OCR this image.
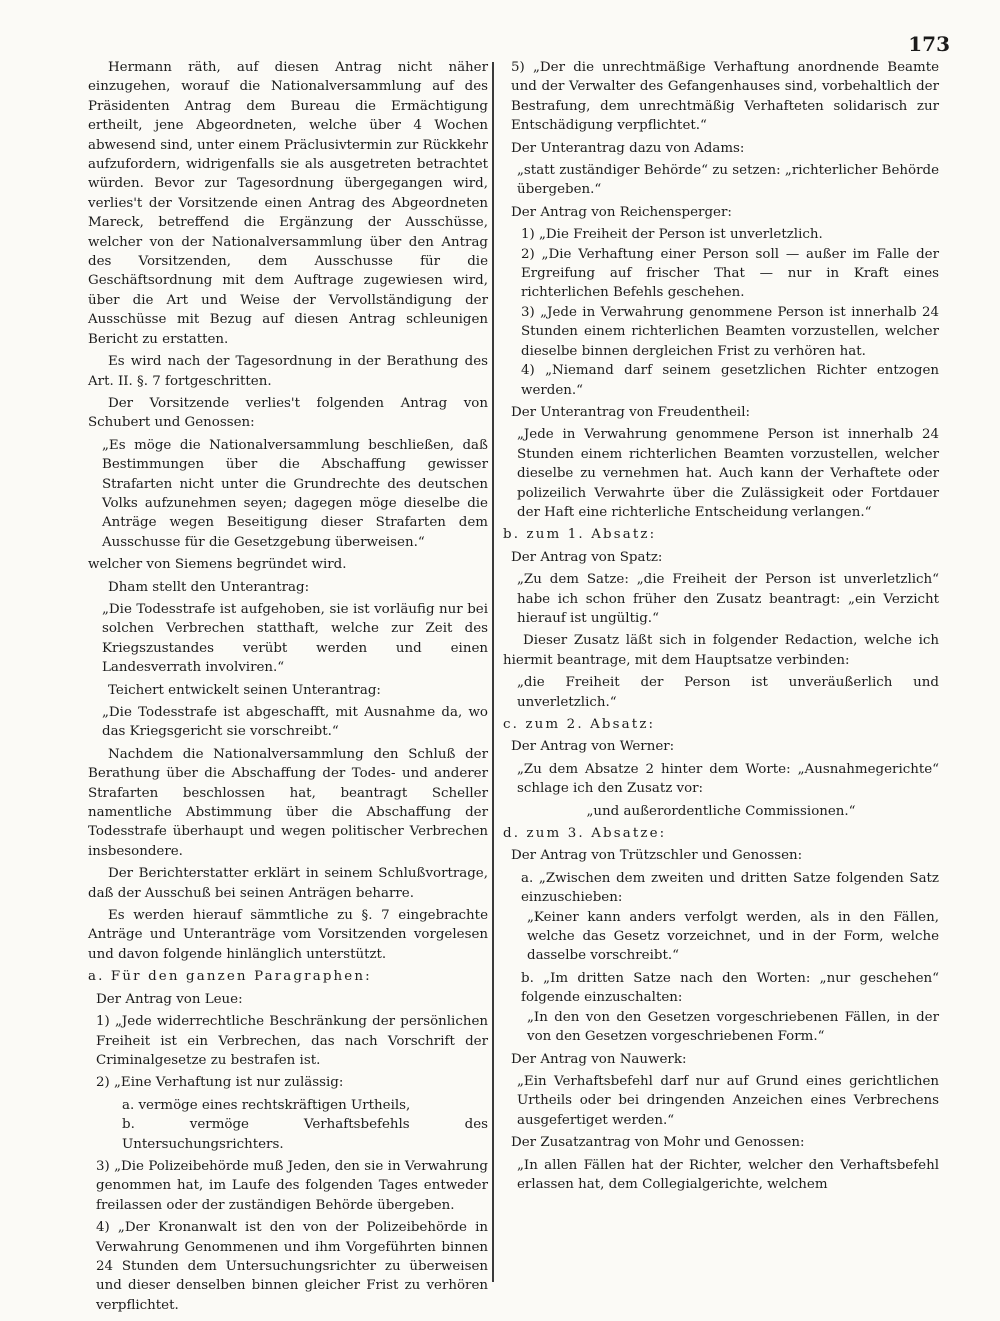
173

Hermann räth, auf diesen Antrag nicht näher einzugehen, worauf die Nationalversammlung auf des Präsidenten Antrag dem Bureau die Ermächtigung ertheilt, jene Abgeordneten, welche über 4 Wochen abwesend sind, unter einem Präclusivtermin zur Rückkehr aufzufordern, widrigenfalls sie als ausgetreten betrachtet würden. Bevor zur Tagesordnung übergegangen wird, verlies't der Vorsitzende einen Antrag des Abgeordneten Mareck, betreffend die Ergänzung der Ausschüsse, welcher von der Nationalversammlung über den Antrag des Vorsitzenden, dem Ausschusse für die Geschäftsordnung mit dem Auftrage zugewiesen wird, über die Art und Weise der Vervollständigung der Ausschüsse mit Bezug auf diesen Antrag schleunigen Bericht zu erstatten.

Es wird nach der Tagesordnung in der Berathung des Art. II. §. 7 fortgeschritten.

Der Vorsitzende verlies't folgenden Antrag von Schubert und Genossen:

„Es möge die Nationalversammlung beschließen, daß Bestimmungen über die Abschaffung gewisser Strafarten nicht unter die Grundrechte des deutschen Volks aufzunehmen seyen; dagegen möge dieselbe die Anträge wegen Beseitigung dieser Strafarten dem Ausschusse für die Gesetzgebung überweisen.“

welcher von Siemens begründet wird.

Dham stellt den Unterantrag:

„Die Todesstrafe ist aufgehoben, sie ist vorläufig nur bei solchen Verbrechen statthaft, welche zur Zeit des Kriegszustandes verübt werden und einen Landesverrath involviren.“

Teichert entwickelt seinen Unterantrag:

„Die Todesstrafe ist abgeschafft, mit Ausnahme da, wo das Kriegsgericht sie vorschreibt.“

Nachdem die Nationalversammlung den Schluß der Berathung über die Abschaffung der Todes- und anderer Strafarten beschlossen hat, beantragt Scheller namentliche Abstimmung über die Abschaffung der Todesstrafe überhaupt und wegen politischer Verbrechen insbesondere.

Der Berichterstatter erklärt in seinem Schlußvortrage, daß der Ausschuß bei seinen Anträgen beharre.

Es werden hierauf sämmtliche zu §. 7 eingebrachte Anträge und Unteranträge vom Vorsitzenden vorgelesen und davon folgende hinlänglich unterstützt.

a. Für den ganzen Paragraphen:

Der Antrag von Leue:

1) „Jede widerrechtliche Beschränkung der persönlichen Freiheit ist ein Verbrechen, das nach Vorschrift der Criminalgesetze zu bestrafen ist.

2) „Eine Verhaftung ist nur zulässig:

a. vermöge eines rechtskräftigen Urtheils,

b. vermöge Verhaftsbefehls des Untersuchungsrichters.

3) „Die Polizeibehörde muß Jeden, den sie in Verwahrung genommen hat, im Laufe des folgenden Tages entweder freilassen oder der zuständigen Behörde übergeben.

4) „Der Kronanwalt ist den von der Polizeibehörde in Verwahrung Genommenen und ihm Vorgeführten binnen 24 Stunden dem Untersuchungsrichter zu überweisen und dieser denselben binnen gleicher Frist zu verhören verpflichtet.

5) „Der die unrechtmäßige Verhaftung anordnende Beamte und der Verwalter des Gefangenhauses sind, vorbehaltlich der Bestrafung, dem unrechtmäßig Verhafteten solidarisch zur Entschädigung verpflichtet.“

Der Unterantrag dazu von Adams:

„statt zuständiger Behörde“ zu setzen: „richterlicher Behörde übergeben.“

Der Antrag von Reichensperger:

1) „Die Freiheit der Person ist unverletzlich.

2) „Die Verhaftung einer Person soll — außer im Falle der Ergreifung auf frischer That — nur in Kraft eines richterlichen Befehls geschehen.

3) „Jede in Verwahrung genommene Person ist innerhalb 24 Stunden einem richterlichen Beamten vorzustellen, welcher dieselbe binnen dergleichen Frist zu verhören hat.

4) „Niemand darf seinem gesetzlichen Richter entzogen werden.“

Der Unterantrag von Freudentheil:

„Jede in Verwahrung genommene Person ist innerhalb 24 Stunden einem richterlichen Beamten vorzustellen, welcher dieselbe zu vernehmen hat. Auch kann der Verhaftete oder polizeilich Verwahrte über die Zulässigkeit oder Fortdauer der Haft eine richterliche Entscheidung verlangen.“

b. zum 1. Absatz:

Der Antrag von Spatz:

„Zu dem Satze: „die Freiheit der Person ist unverletzlich“ habe ich schon früher den Zusatz beantragt: „ein Verzicht hierauf ist ungültig.“

Dieser Zusatz läßt sich in folgender Redaction, welche ich hiermit beantrage, mit dem Hauptsatze verbinden:

„die Freiheit der Person ist unveräußerlich und unverletzlich.“

c. zum 2. Absatz:

Der Antrag von Werner:

„Zu dem Absatze 2 hinter dem Worte: „Ausnahmegerichte“ schlage ich den Zusatz vor:

„und außerordentliche Commissionen.“

d. zum 3. Absatze:

Der Antrag von Trützschler und Genossen:

a. „Zwischen dem zweiten und dritten Satze folgenden Satz einzuschieben:

„Keiner kann anders verfolgt werden, als in den Fällen, welche das Gesetz vorzeichnet, und in der Form, welche dasselbe vorschreibt.“

b. „Im dritten Satze nach den Worten: „nur geschehen“ folgende einzuschalten:

„In den von den Gesetzen vorgeschriebenen Fällen, in der von den Gesetzen vorgeschriebenen Form.“

Der Antrag von Nauwerk:

„Ein Verhaftsbefehl darf nur auf Grund eines gerichtlichen Urtheils oder bei dringenden Anzeichen eines Verbrechens ausgefertiget werden.“

Der Zusatzantrag von Mohr und Genossen:

„In allen Fällen hat der Richter, welcher den Verhaftsbefehl erlassen hat, dem Collegialgerichte, welchem
